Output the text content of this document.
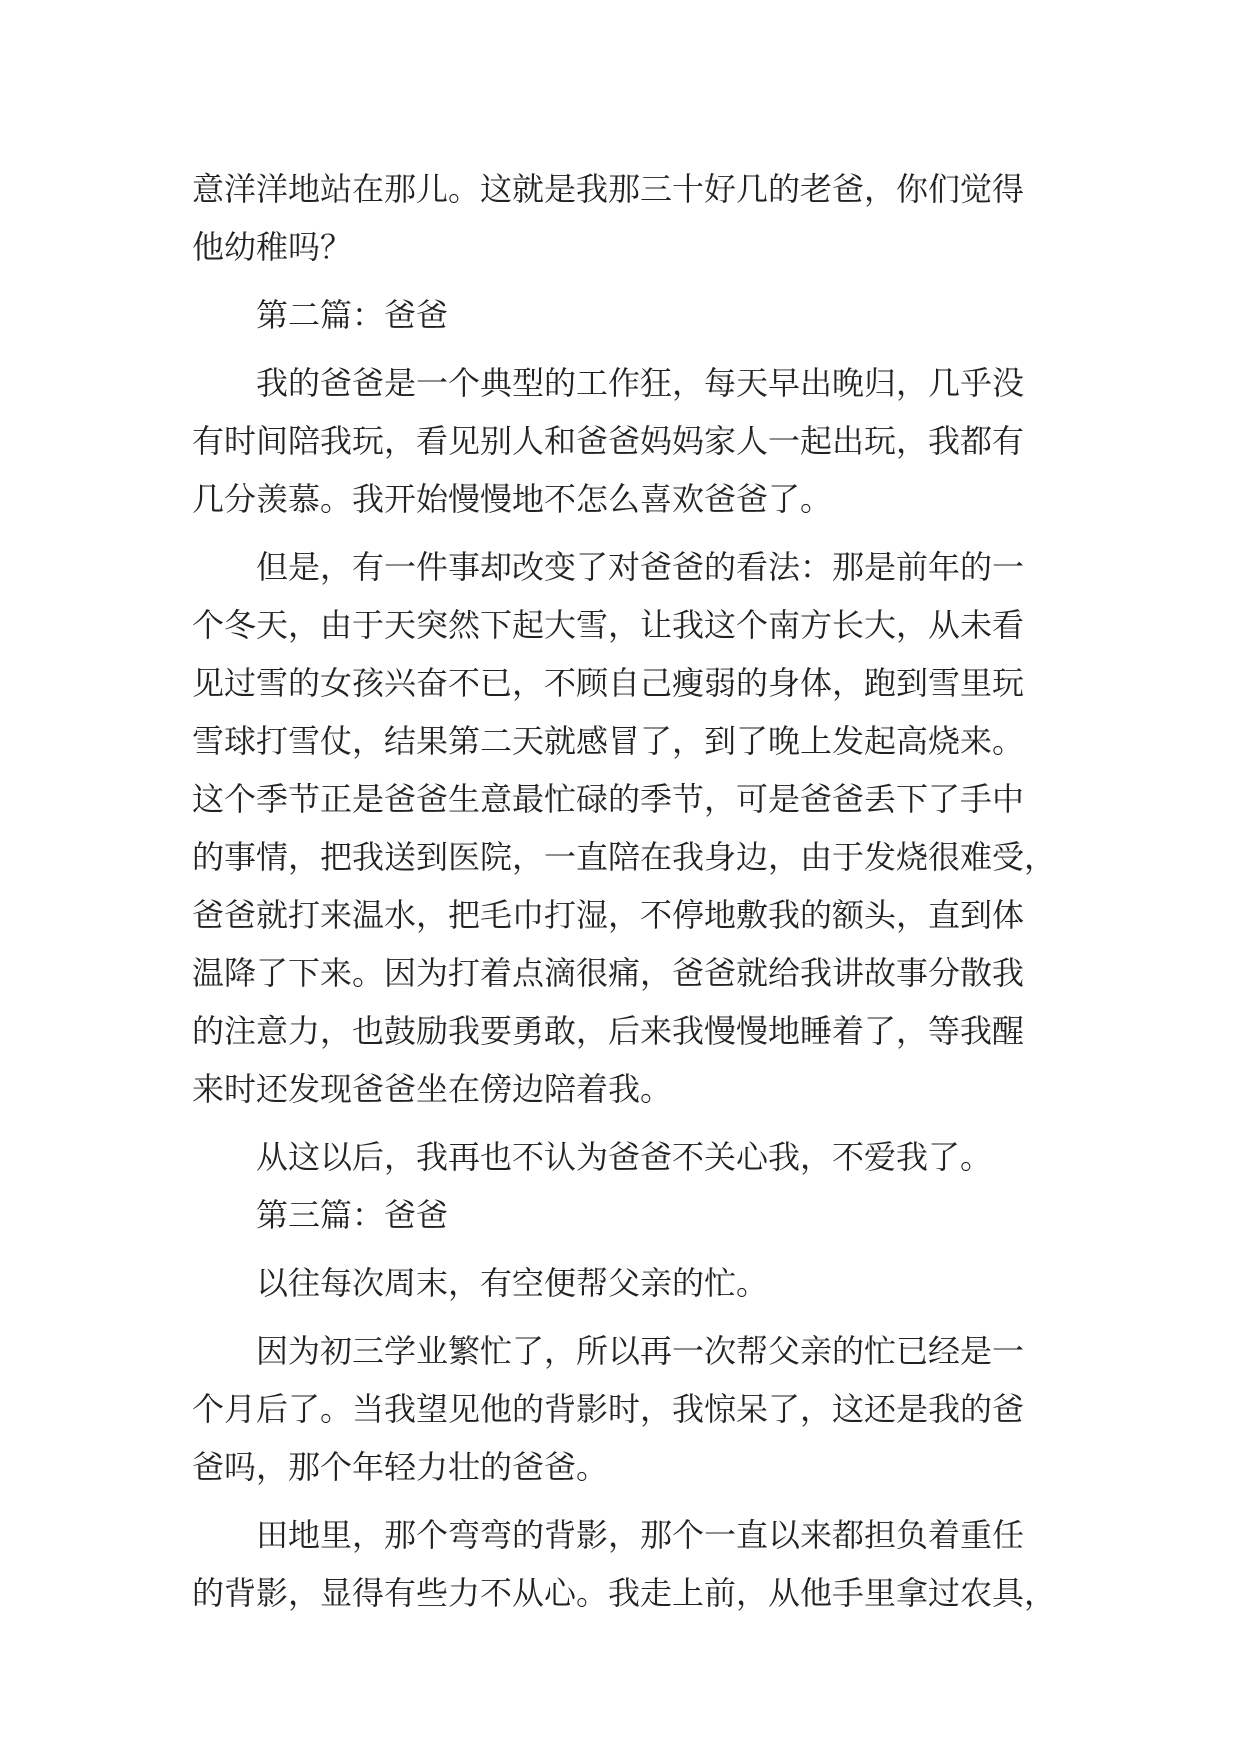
意洋洋地站在那儿。这就是我那三十好几的老爸，你们觉得
他幼稚吗？
第二篇：爸爸
我的爸爸是一个典型的工作狂，每天早出晚归，几乎没
有时间陪我玩，看见别人和爸爸妈妈家人一起出玩，我都有
几分羡慕。我开始慢慢地不怎么喜欢爸爸了。
但是，有一件事却改变了对爸爸的看法：那是前年的一
个冬天，由于天突然下起大雪，让我这个南方长大，从未看
见过雪的女孩兴奋不已，不顾自己瘦弱的身体，跑到雪里玩
雪球打雪仗，结果第二天就感冒了，到了晚上发起高烧来。
这个季节正是爸爸生意最忙碌的季节，可是爸爸丢下了手中
的事情，把我送到医院，一直陪在我身边，由于发烧很难受，
爸爸就打来温水，把毛巾打湿，不停地敷我的额头，直到体
温降了下来。因为打着点滴很痛，爸爸就给我讲故事分散我
的注意力，也鼓励我要勇敢，后来我慢慢地睡着了，等我醒
来时还发现爸爸坐在傍边陪着我。
从这以后，我再也不认为爸爸不关心我，不爱我了。
第三篇：爸爸
以往每次周末，有空便帮父亲的忙。
因为初三学业繁忙了，所以再一次帮父亲的忙已经是一
个月后了。当我望见他的背影时，我惊呆了，这还是我的爸
爸吗，那个年轻力壮的爸爸。
田地里，那个弯弯的背影，那个一直以来都担负着重任
的背影，显得有些力不从心。我走上前，从他手里拿过农具，
